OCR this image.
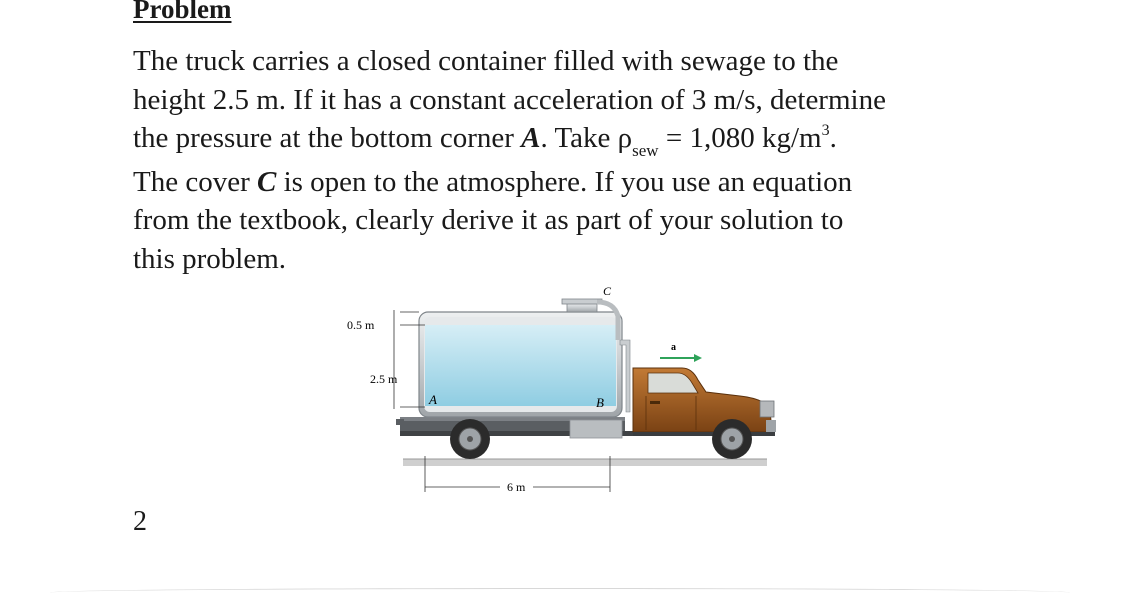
Problem

The truck carries a closed container filled with sewage to the
height 2.5 m. If it has a constant acceleration of 3 m/s, determine
the pressure at the bottom corner A. Take $\rho_{sew} = 1,080$ $kg/m^3$.
The cover C is open to the atmosphere. If you use an equation
from the textbook, clearly derive it as part of your solution to
this problem.

C
A	B
a
0.5 m
2.5 m
6 m

2
